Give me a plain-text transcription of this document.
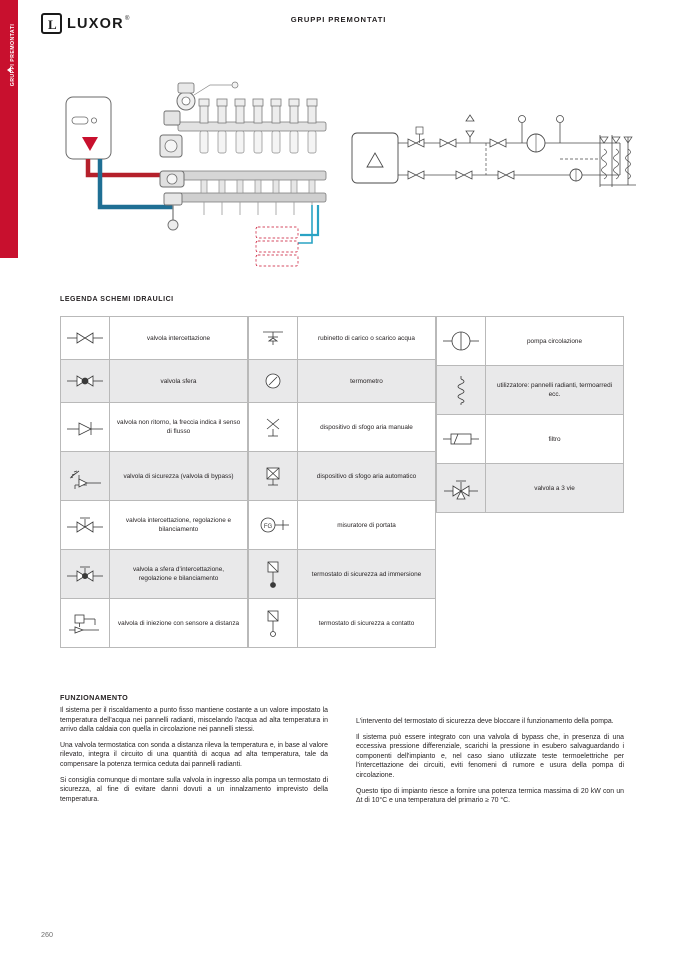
GRUPPI PREMONTATI L LUXOR ®	GRUPPI PREMONTATI
LEGENDA SCHEMI IDRAULICI
valvola intercettazione
valvola sfera
valvola non ritorno, la freccia indica il senso di flusso
valvola di sicurezza (valvola di bypass)
valvola intercettazione, regolazione e bilanciamento
valvola a sfera d'intercettazione, regolazione e bilanciamento
valvola di iniezione con sensore a distanza
rubinetto di carico o scarico acqua
termometro
dispositivo di sfogo aria manuale
dispositivo di sfogo aria automatico
FG	misuratore di portata
termostato di sicurezza ad immersione
termostato di sicurezza a contatto
pompa circolazione
utilizzatore: pannelli radianti, termoarredi ecc.
filtro
valvola a 3 vie
FUNZIONAMENTO

Il sistema per il riscaldamento a punto fisso mantiene costante a un valore impostato la temperatura dell'acqua nei pannelli radianti, miscelando l'acqua ad alta temperatura in arrivo dalla caldaia con quella in circolazione nei pannelli stessi.

Una valvola termostatica con sonda a distanza rileva la temperatura e, in base al valore rilevato, integra il circuito di una quantità di acqua ad alta temperatura, tale da compensare la potenza termica ceduta dai pannelli radianti.

Si consiglia comunque di montare sulla valvola in ingresso alla pompa un termostato di sicurezza, al fine di evitare danni dovuti a un innalzamento imprevisto della temperatura.

L'intervento del termostato di sicurezza deve bloccare il funzionamento della pompa.

Il sistema può essere integrato con una valvola di bypass che, in presenza di una eccessiva pressione differenziale, scarichi la pressione in esubero salvaguardando i componenti dell'impianto e, nel caso siano utilizzate teste termoelettriche per l'intercettazione dei circuiti, eviti fenomeni di rumore e usura della pompa di circolazione.

Questo tipo di impianto riesce a fornire una potenza termica massima di 20 kW con un Δt di 10°C e una temperatura del primario ≥ 70 °C.

260
